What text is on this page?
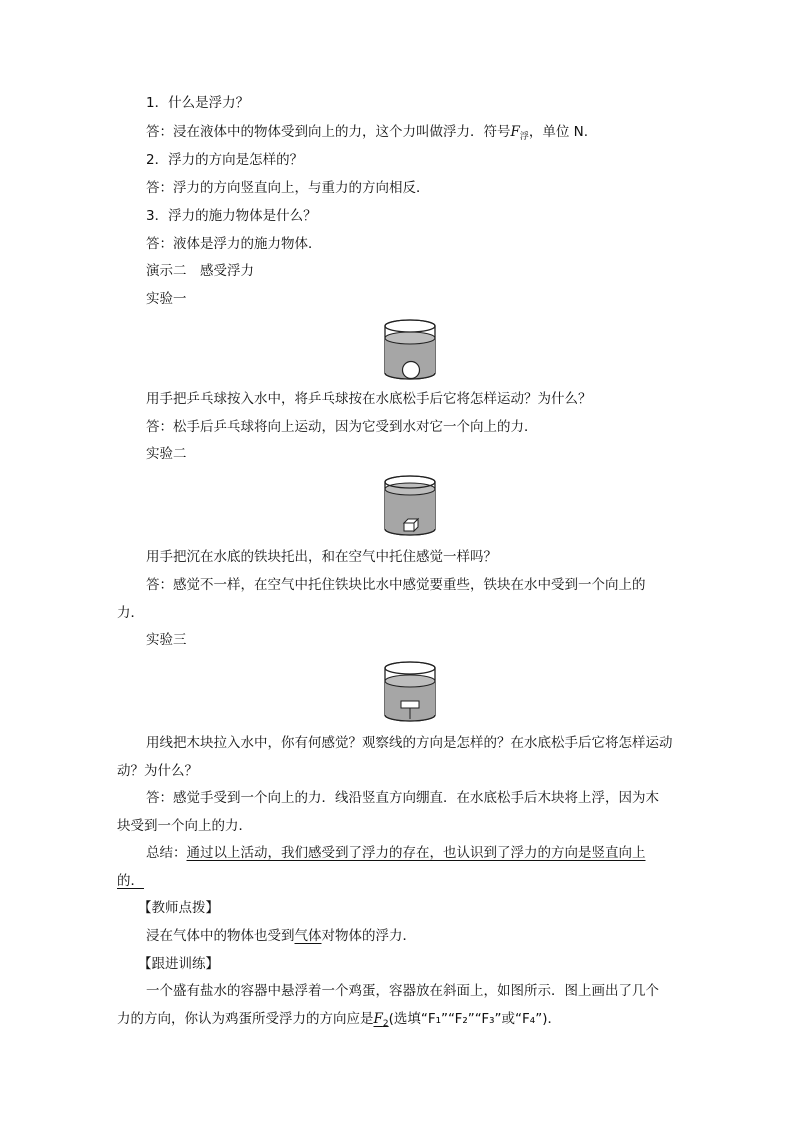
1．什么是浮力？
答：浸在液体中的物体受到向上的力，这个力叫做浮力．符号$F_浮$，单位 N.
2．浮力的方向是怎样的？
答：浮力的方向竖直向上，与重力的方向相反．
3．浮力的施力物体是什么？
答：液体是浮力的施力物体．
演示二　感受浮力
实验一
用手把乒乓球按入水中，将乒乓球按在水底松手后它将怎样运动？为什么？
答：松手后乒乓球将向上运动，因为它受到水对它一个向上的力．
实验二
用手把沉在水底的铁块托出，和在空气中托住感觉一样吗？
答：感觉不一样，在空气中托住铁块比水中感觉要重些，铁块在水中受到一个向上的
力．
实验三
用线把木块拉入水中，你有何感觉？观察线的方向是怎样的？在水底松手后它将怎样运动
动？为什么？
答：感觉手受到一个向上的力．线沿竖直方向绷直．在水底松手后木块将上浮，因为木
块受到一个向上的力．
总结：通过以上活动，我们感受到了浮力的存在，也认识到了浮力的方向是竖直向上
的．
【教师点拨】
浸在气体中的物体也受到气体对物体的浮力．
【跟进训练】
一个盛有盐水的容器中悬浮着一个鸡蛋，容器放在斜面上，如图所示．图上画出了几个
力的方向，你认为鸡蛋所受浮力的方向应是$F_2$(选填“F₁”“F₂”“F₃”或“F₄”)．
